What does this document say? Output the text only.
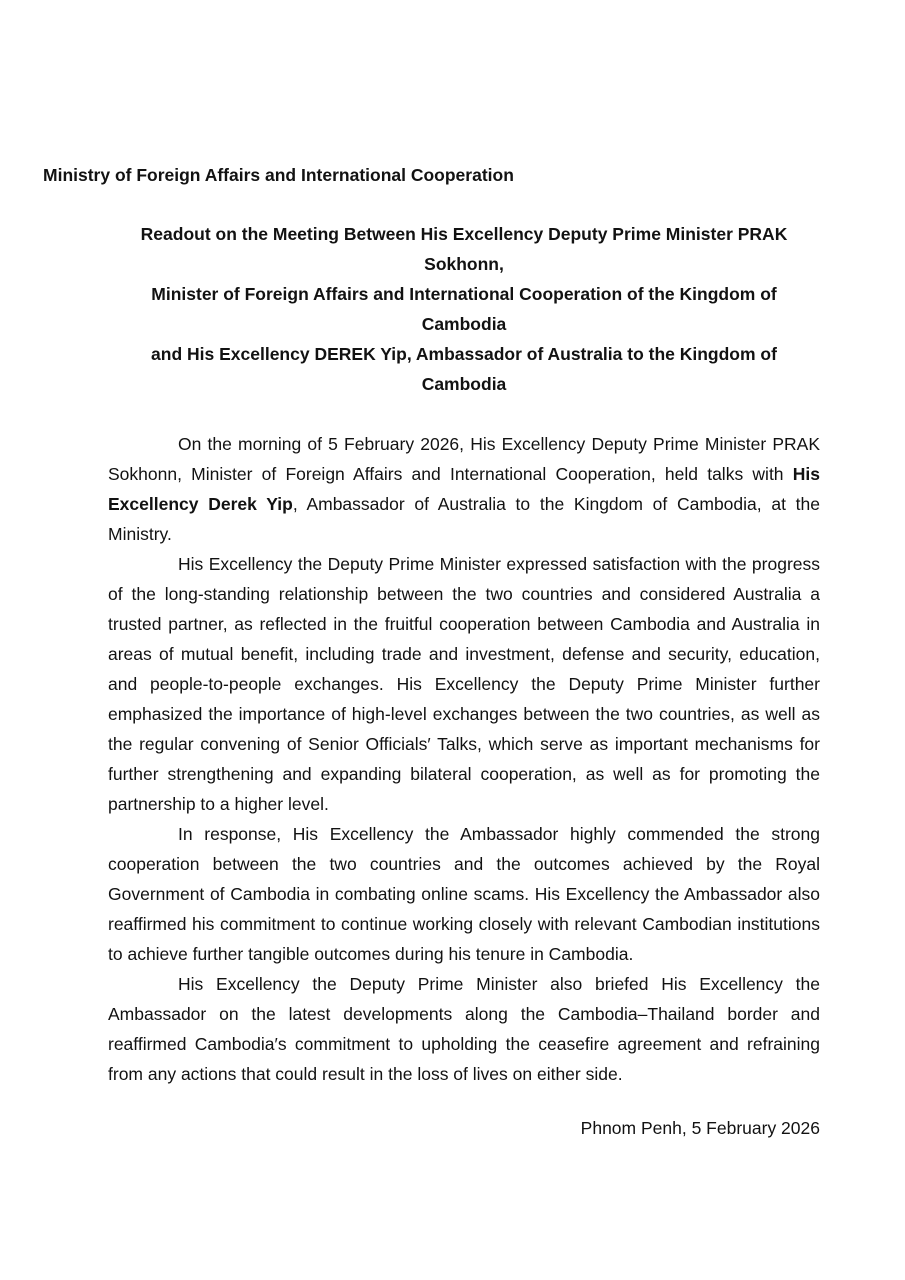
Ministry of Foreign Affairs and International Cooperation
Readout on the Meeting Between His Excellency Deputy Prime Minister PRAK Sokhonn,
Minister of Foreign Affairs and International Cooperation of the Kingdom of Cambodia
and His Excellency DEREK Yip, Ambassador of Australia to the Kingdom of Cambodia

On the morning of 5 February 2026, His Excellency Deputy Prime Minister PRAK Sokhonn, Minister of Foreign Affairs and International Cooperation, held talks with His Excellency Derek Yip, Ambassador of Australia to the Kingdom of Cambodia, at the Ministry.

His Excellency the Deputy Prime Minister expressed satisfaction with the progress of the long-standing relationship between the two countries and considered Australia a trusted partner, as reflected in the fruitful cooperation between Cambodia and Australia in areas of mutual benefit, including trade and investment, defense and security, education, and people-to-people exchanges. His Excellency the Deputy Prime Minister further emphasized the importance of high-level exchanges between the two countries, as well as the regular convening of Senior Officials′ Talks, which serve as important mechanisms for further strengthening and expanding bilateral cooperation, as well as for promoting the partnership to a higher level.

In response, His Excellency the Ambassador highly commended the strong cooperation between the two countries and the outcomes achieved by the Royal Government of Cambodia in combating online scams. His Excellency the Ambassador also reaffirmed his commitment to continue working closely with relevant Cambodian institutions to achieve further tangible outcomes during his tenure in Cambodia.

His Excellency the Deputy Prime Minister also briefed His Excellency the Ambassador on the latest developments along the Cambodia–Thailand border and reaffirmed Cambodia′s commitment to upholding the ceasefire agreement and refraining from any actions that could result in the loss of lives on either side.

Phnom Penh, 5 February 2026
